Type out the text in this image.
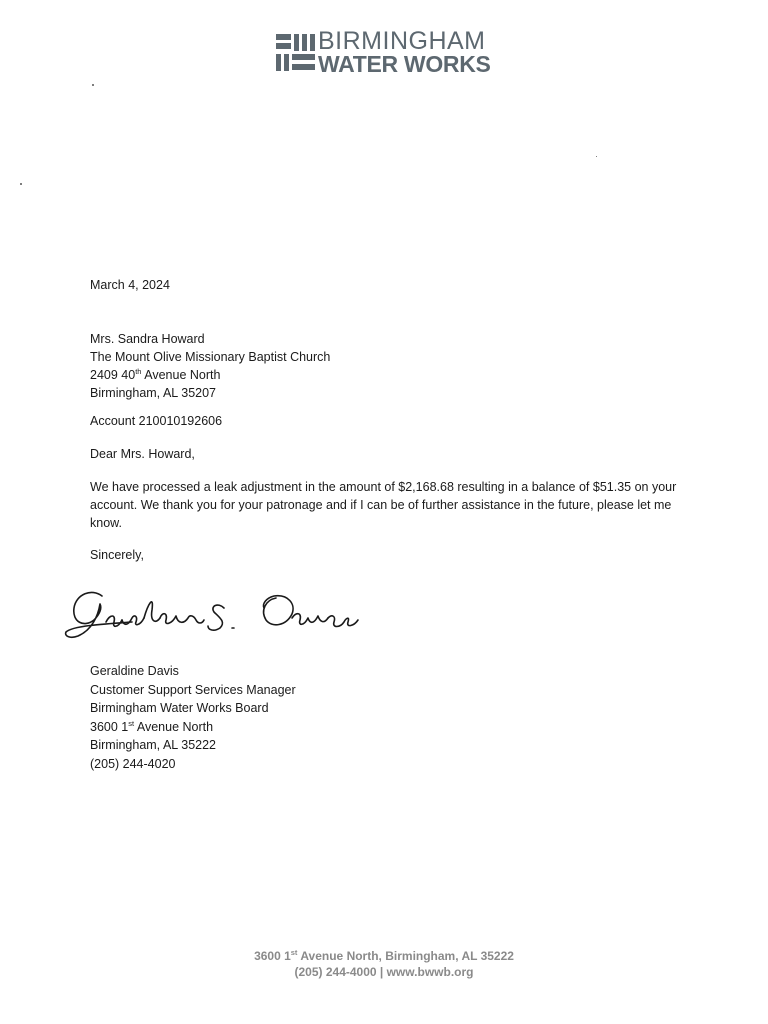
BIRMINGHAM
WATER WORKS

March 4, 2024

Mrs. Sandra Howard

The Mount Olive Missionary Baptist Church

2409 40th Avenue North

Birmingham, AL 35207

Account 210010192606

Dear Mrs. Howard,

We have processed a leak adjustment in the amount of $2,168.68 resulting in a balance of $51.35 on your account. We thank you for your patronage and if I can be of further assistance in the future, please let me know.

Sincerely,

Geraldine Davis

Customer Support Services Manager

Birmingham Water Works Board

3600 1st Avenue North

Birmingham, AL 35222

(205) 244-4020

3600 1st Avenue North, Birmingham, AL 35222

(205) 244-4000 | www.bwwb.org
